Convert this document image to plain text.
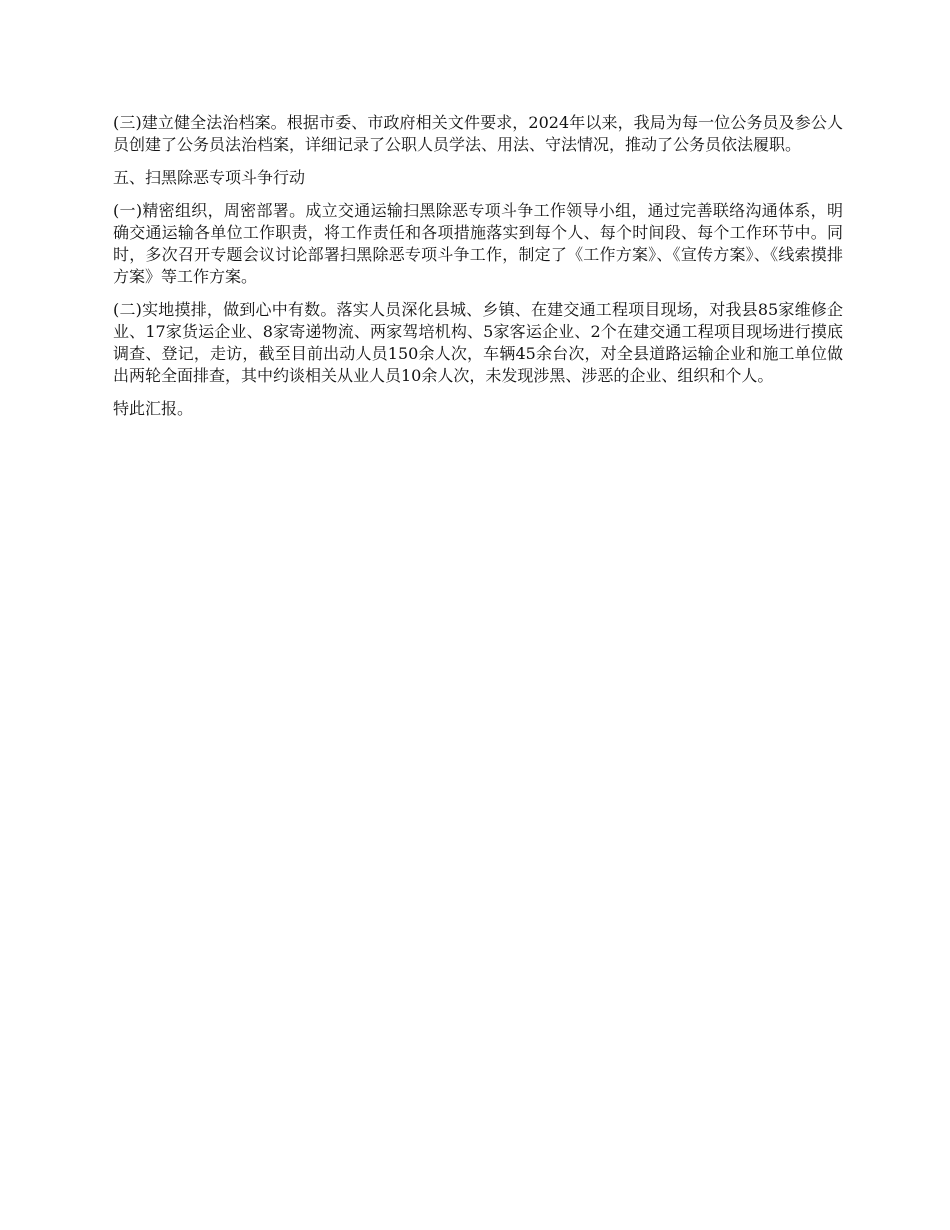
(三)建立健全法治档案。根据市委、市政府相关文件要求，2024年以来，我局为每一位公务员及参公人员创建了公务员法治档案，详细记录了公职人员学法、用法、守法情况，推动了公务员依法履职。

五、扫黑除恶专项斗争行动

(一)精密组织，周密部署。成立交通运输扫黑除恶专项斗争工作领导小组，通过完善联络沟通体系，明确交通运输各单位工作职责，将工作责任和各项措施落实到每个人、每个时间段、每个工作环节中。同时，多次召开专题会议讨论部署扫黑除恶专项斗争工作，制定了《工作方案》、《宣传方案》、《线索摸排方案》等工作方案。

(二)实地摸排，做到心中有数。落实人员深化县城、乡镇、在建交通工程项目现场，对我县85家维修企业、17家货运企业、8家寄递物流、两家驾培机构、5家客运企业、2个在建交通工程项目现场进行摸底调查、登记，走访，截至目前出动人员150余人次，车辆45余台次，对全县道路运输企业和施工单位做出两轮全面排查，其中约谈相关从业人员10余人次，未发现涉黑、涉恶的企业、组织和个人。

特此汇报。
